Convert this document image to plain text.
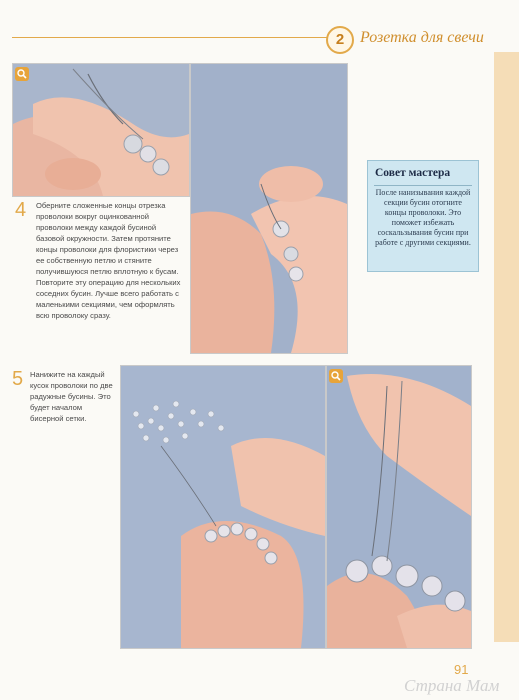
2 Розетка для свечи
4 Оберните сложенные концы отрезка проволоки вокруг оцинкованной проволоки между каждой бусиной базовой окружности. Затем протяните концы проволоки для флористики через ее собственную петлю и стяните получившуюся петлю вплотную к бусам. Повторите эту операцию для нескольких соседних бусин. Лучше всего работать с маленькими секциями, чем оформлять всю проволоку сразу.
Совет мастера
После нанизывания каждой секции бусин отогните концы проволоки. Это поможет избежать соскальзывания бусин при работе с другими секциями.
5 Нанижите на каждый кусок проволоки по две радужные бусины. Это будет началом бисерной сетки.
91
Страна Мам
